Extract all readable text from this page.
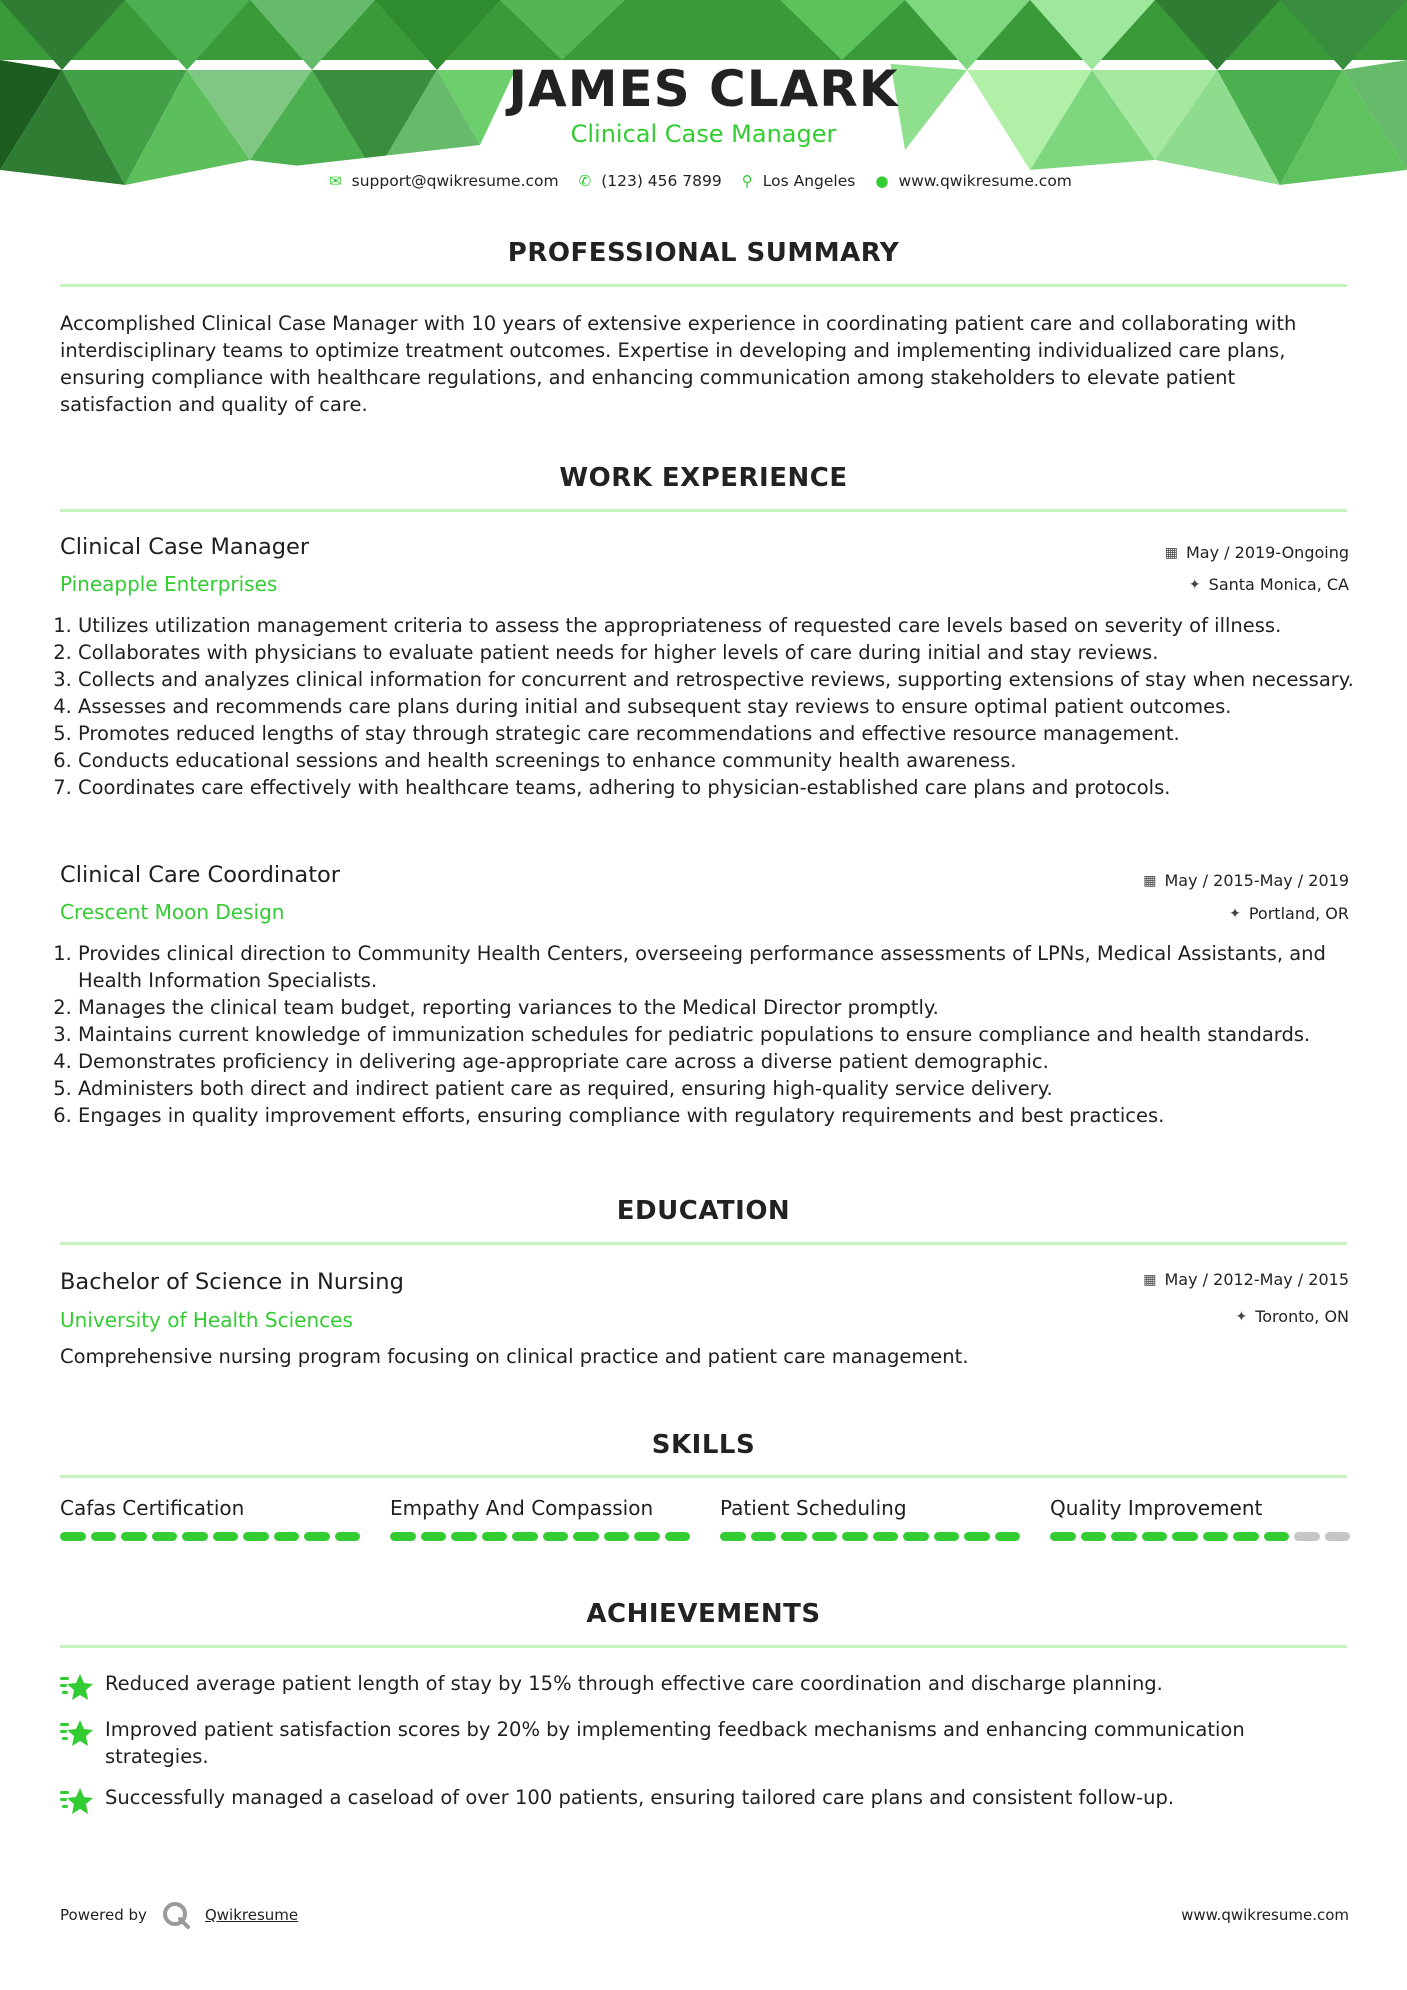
JAMES CLARK
Clinical Case Manager
✉ support@qwikresume.com ✆ (123) 456 7899 ⚲ Los Angeles ● www.qwikresume.com
PROFESSIONAL SUMMARY
Accomplished Clinical Case Manager with 10 years of extensive experience in coordinating patient care and collaborating with interdisciplinary teams to optimize treatment outcomes. Expertise in developing and implementing individualized care plans, ensuring compliance with healthcare regulations, and enhancing communication among stakeholders to elevate patient satisfaction and quality of care.
WORK EXPERIENCE
Clinical Case Manager	▦ May / 2019-Ongoing
Pineapple Enterprises	✦ Santa Monica, CA
1. Utilizes utilization management criteria to assess the appropriateness of requested care levels based on severity of illness.
2. Collaborates with physicians to evaluate patient needs for higher levels of care during initial and stay reviews.
3. Collects and analyzes clinical information for concurrent and retrospective reviews, supporting extensions of stay when necessary.
4. Assesses and recommends care plans during initial and subsequent stay reviews to ensure optimal patient outcomes.
5. Promotes reduced lengths of stay through strategic care recommendations and effective resource management.
6. Conducts educational sessions and health screenings to enhance community health awareness.
7. Coordinates care effectively with healthcare teams, adhering to physician-established care plans and protocols.
Clinical Care Coordinator	▦ May / 2015-May / 2019
Crescent Moon Design	✦ Portland, OR
1. Provides clinical direction to Community Health Centers, overseeing performance assessments of LPNs, Medical Assistants, and Health Information Specialists.
2. Manages the clinical team budget, reporting variances to the Medical Director promptly.
3. Maintains current knowledge of immunization schedules for pediatric populations to ensure compliance and health standards.
4. Demonstrates proficiency in delivering age-appropriate care across a diverse patient demographic.
5. Administers both direct and indirect patient care as required, ensuring high-quality service delivery.
6. Engages in quality improvement efforts, ensuring compliance with regulatory requirements and best practices.
EDUCATION
Bachelor of Science in Nursing	▦ May / 2012-May / 2015
University of Health Sciences	✦ Toronto, ON
Comprehensive nursing program focusing on clinical practice and patient care management.
SKILLS
Cafas Certification	Empathy And Compassion	Patient Scheduling	Quality Improvement
ACHIEVEMENTS
Reduced average patient length of stay by 15% through effective care coordination and discharge planning.
Improved patient satisfaction scores by 20% by implementing feedback mechanisms and enhancing communication strategies.
Successfully managed a caseload of over 100 patients, ensuring tailored care plans and consistent follow-up.
Powered by	Qwikresume	www.qwikresume.com
